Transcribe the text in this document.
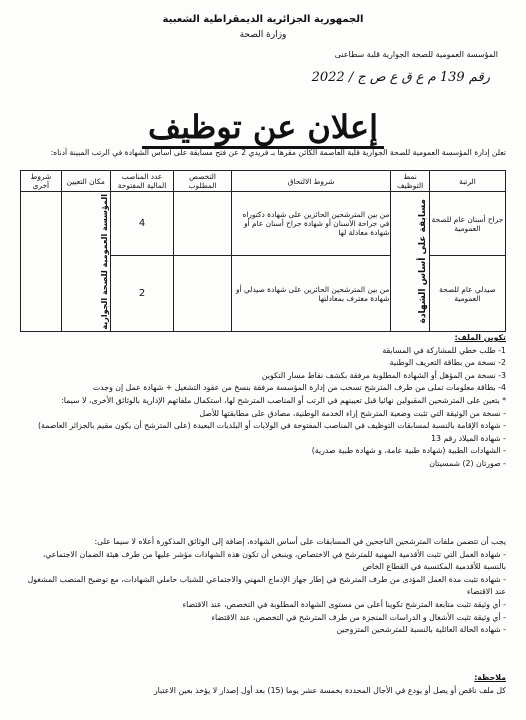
الجمهورية الجزائرية الديمقراطية الشعبية
وزارة الصحة
المؤسسة العمومية للصحة الجوارية قلبة سطاعنى
رقم 139 م ع ق ع ص ج / 2022
إعلان عن توظيف
تعلن إدارة المؤسسة العمومية للصحة الجوارية قلبة العاصمة الكائن مقرها بـ فريدي 2 عن فتح مسابقة على أساس الشهادة في الرتب المبينة أدناه:
الرتبة	نمط التوظيف	شروط الالتحاق	التخصص المطلوب	عدد المناصب المالية المفتوحة	مكان التعيين	شروط أخرى
جراح أسنان عام للصحة العمومية	مسابقة على أساس الشهادة	من بين المترشحين الحائزين على شهادة دكتوراه في جراحة الأسنان أو شهادة جراح أسنان عام أو شهادة معادلة لها		4	المؤسسة العمومية للصحة الجوارية	

صيدلي عام للصحة العمومية		من بين المترشحين الحائزين على شهادة صيدلي أو شهادة معترف بمعادلتها		2		

تكوين الملف:

1- طلب خطي للمشاركة في المسابقة

2- نسخة من بطاقة التعريف الوطنية

3- نسخة من المؤهل أو الشهادة المطلوبة مرفقة بكشف نقاط مسار التكوين

4- بطاقة معلومات تملى من طرف المترشح تسحب من إدارة المؤسسة مرفقة بنسخ من عقود التشغيل + شهادة عمل إن وجدت

* يتعين على المترشحين المقبولين نهائيا قبل تعيينهم في الرتب أو المناصب المترشح لها، استكمال ملفاتهم الإدارية بالوثائق الأخرى، لا سيما:

- نسخة من الوثيقة التي تثبت وضعية المترشح إزاء الخدمة الوطنية، مصادق على مطابقتها للأصل

- شهادة الإقامة بالنسبة لمسابقات التوظيف في المناصب المفتوحة في الولايات أو البلديات البعيدة (على المترشح أن يكون مقيم بالجزائر العاصمة)

- شهادة الميلاد رقم 13

- الشهادات الطبية (شهادة طبية عامة، و شهادة طبية صدرية)

- صورتان (2) شمسيتان

يجب أن تتضمن ملفات المترشحين الناجحين في المسابقات على أساس الشهادة، إضافة إلى الوثائق المذكورة أعلاه لا سيما على:

- شهادة العمل التي تثبت الأقدمية المهنية للمترشح في الاختصاص، وينبغي أن تكون هذه الشهادات مؤشر عليها من طرف هيئة الضمان الاجتماعي، بالنسبة للأقدمية المكتسبة في القطاع الخاص

- شهادة تثبت مدة العمل المؤدى من طرف المترشح في إطار جهاز الإدماج المهني والاجتماعي للشباب حاملي الشهادات، مع توضيح المنصب المشغول عند الاقتضاء

- أي وثيقة تثبت متابعة المترشح تكوينا أعلى من مستوى الشهادة المطلوبة في التخصص، عند الاقتضاء

- أي وثيقة تثبت الأشغال و الدراسات المنجزة من طرف المترشح في التخصص، عند الاقتضاء

- شهادة الحالة العائلية بالنسبة للمترشحين المتزوجين

ملاحظة:

كل ملف ناقص أو يصل أو يودع في الأجال المحددة بخمسة عشر يوما (15) بعد أول إصدار لا يؤخذ بعين الاعتبار
